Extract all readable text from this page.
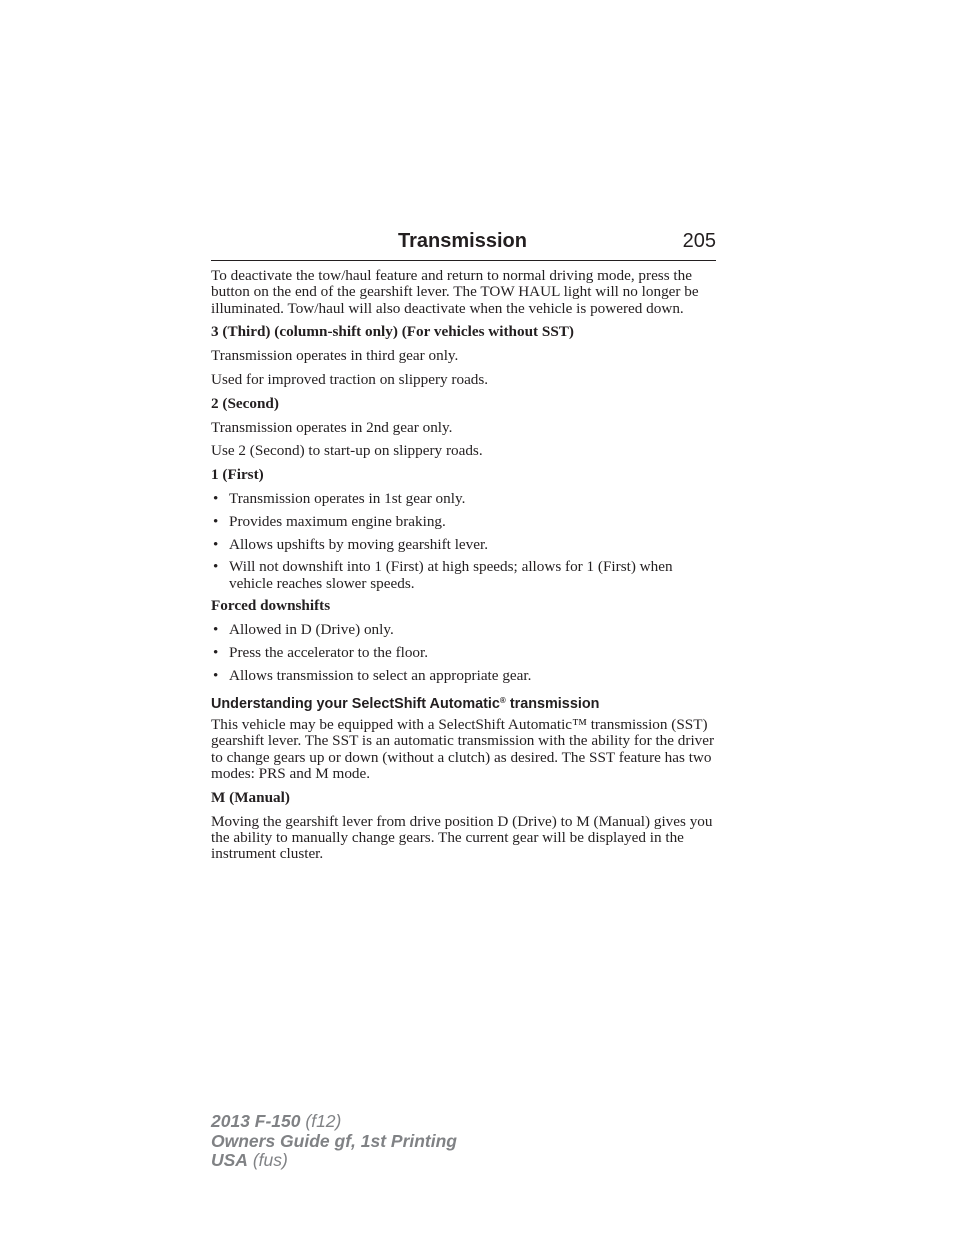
Transmission	205

To deactivate the tow/haul feature and return to normal driving mode, press the button on the end of the gearshift lever. The TOW HAUL light will no longer be illuminated. Tow/haul will also deactivate when the vehicle is powered down.

3 (Third) (column-shift only) (For vehicles without SST)

Transmission operates in third gear only.

Used for improved traction on slippery roads.

2 (Second)

Transmission operates in 2nd gear only.

Use 2 (Second) to start-up on slippery roads.

1 (First)

• Transmission operates in 1st gear only.
• Provides maximum engine braking.
• Allows upshifts by moving gearshift lever.
• Will not downshift into 1 (First) at high speeds; allows for 1 (First) when vehicle reaches slower speeds.

Forced downshifts

• Allowed in D (Drive) only.
• Press the accelerator to the floor.
• Allows transmission to select an appropriate gear.
Understanding your SelectShift Automatic® transmission

This vehicle may be equipped with a SelectShift Automatic™ transmission (SST) gearshift lever. The SST is an automatic transmission with the ability for the driver to change gears up or down (without a clutch) as desired. The SST feature has two modes: PRS and M mode.

M (Manual)

Moving the gearshift lever from drive position D (Drive) to M (Manual) gives you the ability to manually change gears. The current gear will be displayed in the instrument cluster.

2013 F-150 (f12)
Owners Guide gf, 1st Printing
USA (fus)
